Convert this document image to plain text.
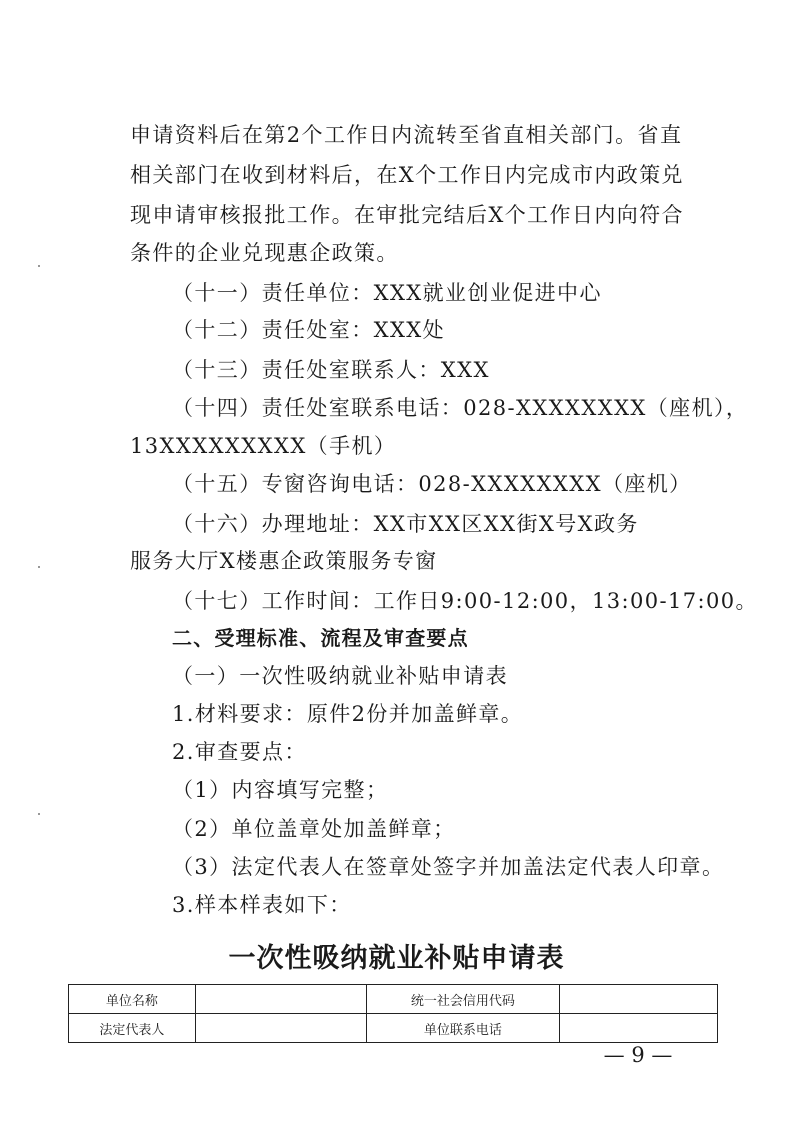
申请资料后在第2个工作日内流转至省直相关部门。省直
相关部门在收到材料后，在X个工作日内完成市内政策兑
现申请审核报批工作。在审批完结后X个工作日内向符合
条件的企业兑现惠企政策。
（十一）责任单位：XXX就业创业促进中心
（十二）责任处室：XXX处
（十三）责任处室联系人：XXX
（十四）责任处室联系电话：028-XXXXXXXX（座机），
13XXXXXXXXX（手机）
（十五）专窗咨询电话：028-XXXXXXXX（座机）
（十六）办理地址：XX市XX区XX街X号X政务
服务大厅X楼惠企政策服务专窗
（十七）工作时间：工作日9:00-12:00，13:00-17:00。
二、受理标准、流程及审查要点
（一）一次性吸纳就业补贴申请表
1.材料要求：原件2份并加盖鲜章。
2.审查要点：
（1）内容填写完整；
（2）单位盖章处加盖鲜章；
（3）法定代表人在签章处签字并加盖法定代表人印章。
3.样本样表如下：
一次性吸纳就业补贴申请表
单位名称		统一社会信用代码	
法定代表人		单位联系电话	
— 9 —
